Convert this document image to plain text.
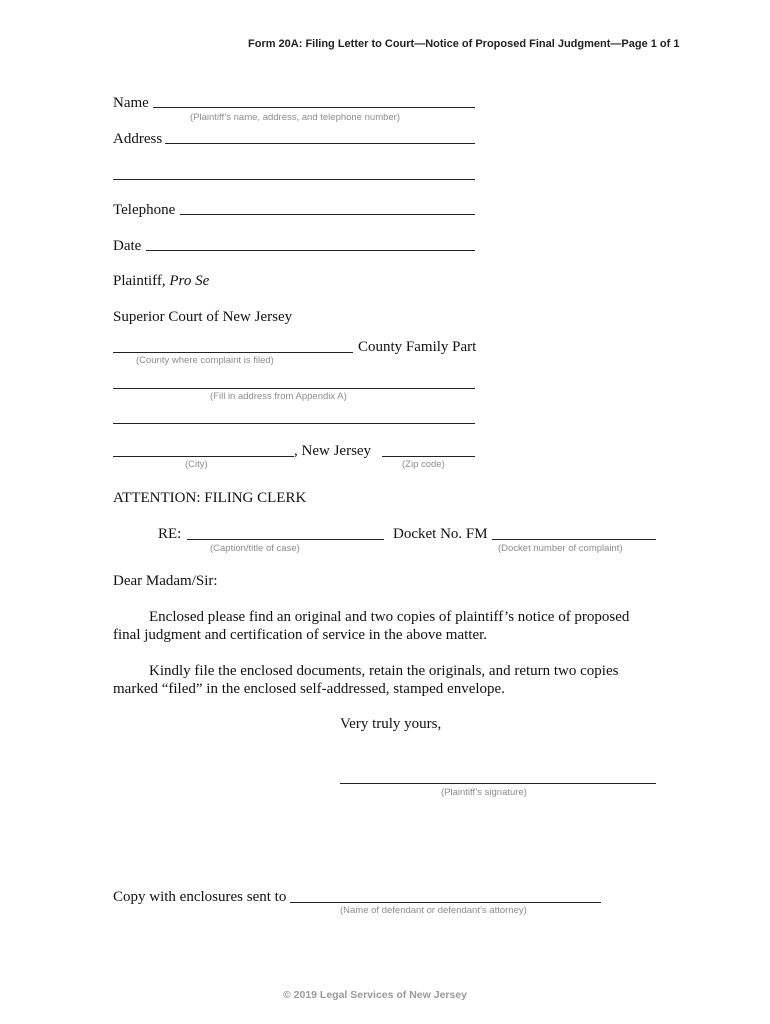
Form 20A: Filing Letter to Court—Notice of Proposed Final Judgment—Page 1 of 1
Name
(Plaintiff’s name, address, and telephone number)
Address
Telephone
Date
Plaintiff, Pro Se
Superior Court of New Jersey
County Family Part
(County where complaint is filed)
(Fill in address from Appendix A)
, New Jersey
(City)	(Zip code)
ATTENTION: FILING CLERK
RE:	Docket No. FM
(Caption/title of case)	(Docket number of complaint)
Dear Madam/Sir:
Enclosed please find an original and two copies of plaintiff’s notice of proposed
final judgment and certification of service in the above matter.
Kindly file the enclosed documents, retain the originals, and return two copies
marked “filed” in the enclosed self-addressed, stamped envelope.
Very truly yours,
(Plaintiff’s signature)
Copy with enclosures sent to
(Name of defendant or defendant’s attorney)
© 2019 Legal Services of New Jersey
